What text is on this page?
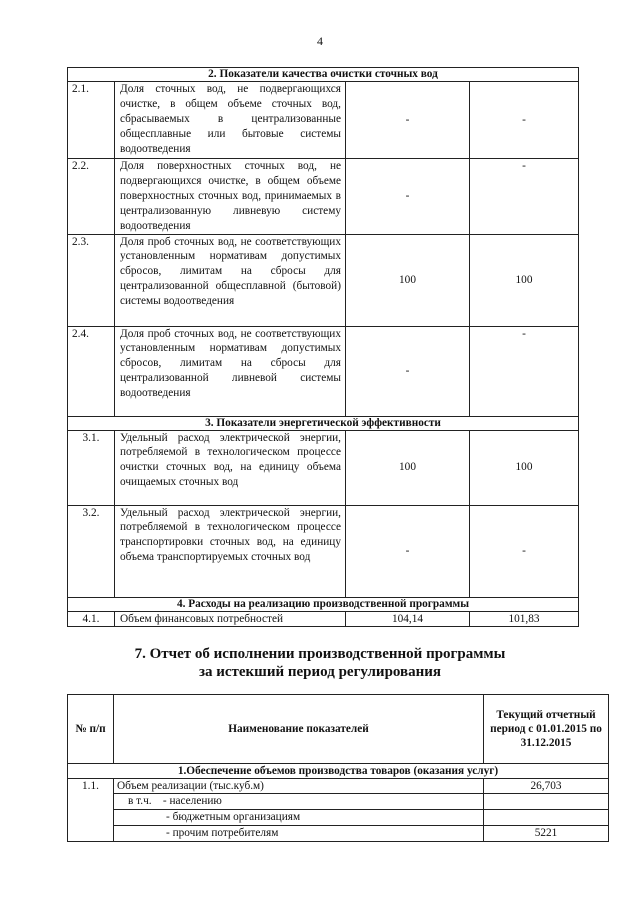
4
2. Показатели качества очистки сточных вод			
2.1.	Доля сточных вод, не подвергающихся очистке, в общем объеме сточных вод, сбрасываемых в централизованные общесплавные или бытовые системы водоотведения	-	-
2.2.	Доля поверхностных сточных вод, не подвергающихся очистке, в общем объеме поверхностных сточных вод, принимаемых в централизованную ливневую систему водоотведения	-	-
2.3.	Доля проб сточных вод, не соответствующих установленным нормативам допустимых сбросов, лимитам на сбросы для централизованной общесплавной (бытовой) системы водоотведения	100	100
2.4.	Доля проб сточных вод, не соответствующих установленным нормативам допустимых сбросов, лимитам на сбросы для централизованной ливневой системы водоотведения	-	-
3. Показатели энергетической эффективности			
3.1.	Удельный расход электрической энергии, потребляемой в технологическом процессе очистки сточных вод, на единицу объема очищаемых сточных вод	100	100
3.2.	Удельный расход электрической энергии, потребляемой в технологическом процессе транспортировки сточных вод, на единицу объема транспортируемых сточных вод	-	-
4. Расходы на реализацию производственной программы			
4.1.	Объем финансовых потребностей	104,14	101,83
7. Отчет об исполнении производственной программы
за истекший период регулирования
№ п/п	Наименование показателей	Текущий отчетный период с 01.01.2015 по 31.12.2015
1.Обеспечение объемов производства товаров (оказания услуг)		
1.1.	Объем реализации (тыс.куб.м)	26,703
	в т.ч. - населению	
	- бюджетным организациям	
	- прочим потребителям	5221
